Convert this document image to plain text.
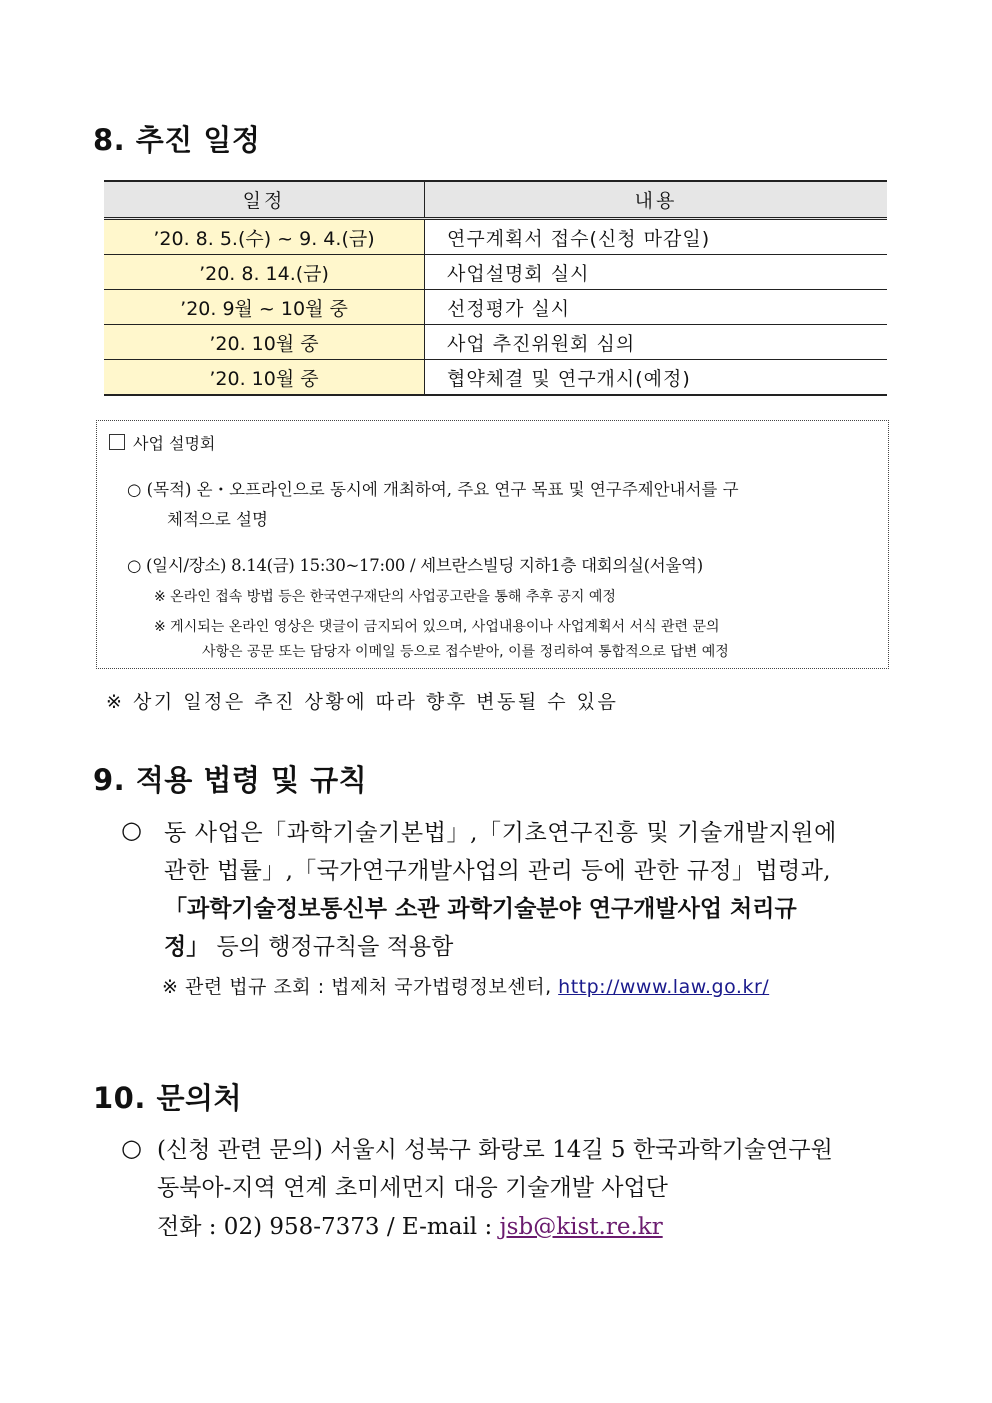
8. 추진 일정
일정	내용
’20. 8. 5.(수) ~ 9. 4.(금)	연구계획서 접수(신청 마감일)
’20. 8. 14.(금)	사업설명회 실시
’20. 9월 ~ 10월 중	선정평가 실시
’20. 10월 중	사업 추진위원회 심의
’20. 10월 중	협약체결 및 연구개시(예정)
사업 설명회
○ (목적) 온・오프라인으로 동시에 개최하여, 주요 연구 목표 및 연구주제안내서를 구
체적으로 설명
○ (일시/장소) 8.14(금) 15:30~17:00 / 세브란스빌딩 지하1층 대회의실(서울역)
※ 온라인 접속 방법 등은 한국연구재단의 사업공고란을 통해 추후 공지 예정
※ 게시되는 온라인 영상은 댓글이 금지되어 있으며, 사업내용이나 사업계획서 서식 관련 문의
사항은 공문 또는 담당자 이메일 등으로 접수받아, 이를 정리하여 통합적으로 답변 예정
※ 상기 일정은 추진 상황에 따라 향후 변동될 수 있음
9. 적용 법령 및 규칙
○ 동 사업은「과학기술기본법」,「기초연구진흥 및 기술개발지원에
관한 법률」,「국가연구개발사업의 관리 등에 관한 규정」법령과,
「과학기술정보통신부 소관 과학기술분야 연구개발사업 처리규
정」 등의 행정규칙을 적용함
※ 관련 법규 조회 : 법제처 국가법령정보센터, http://www.law.go.kr/
10. 문의처
○ (신청 관련 문의) 서울시 성북구 화랑로 14길 5 한국과학기술연구원
동북아-지역 연계 초미세먼지 대응 기술개발 사업단
전화 : 02) 958-7373 / E-mail : jsb@kist.re.kr
